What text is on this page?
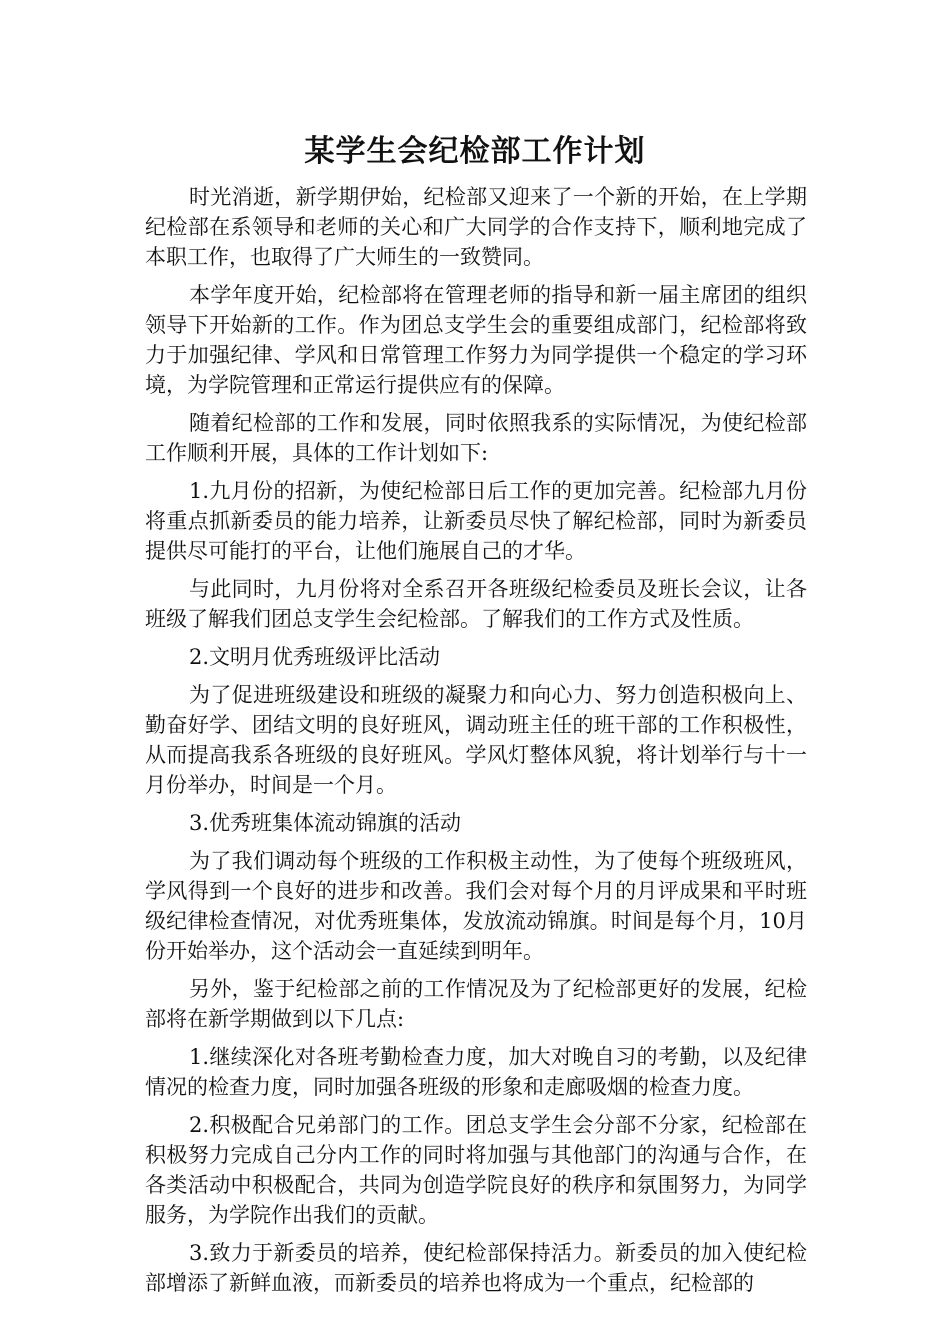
某学生会纪检部工作计划

时光消逝，新学期伊始，纪检部又迎来了一个新的开始，在上学期纪检部在系领导和老师的关心和广大同学的合作支持下，顺利地完成了本职工作，也取得了广大师生的一致赞同。

本学年度开始，纪检部将在管理老师的指导和新一届主席团的组织领导下开始新的工作。作为团总支学生会的重要组成部门，纪检部将致力于加强纪律、学风和日常管理工作努力为同学提供一个稳定的学习环境，为学院管理和正常运行提供应有的保障。

随着纪检部的工作和发展，同时依照我系的实际情况，为使纪检部工作顺利开展，具体的工作计划如下:

1.九月份的招新，为使纪检部日后工作的更加完善。纪检部九月份将重点抓新委员的能力培养，让新委员尽快了解纪检部，同时为新委员提供尽可能打的平台，让他们施展自己的才华。

与此同时，九月份将对全系召开各班级纪检委员及班长会议，让各班级了解我们团总支学生会纪检部。了解我们的工作方式及性质。

2.文明月优秀班级评比活动

为了促进班级建设和班级的凝聚力和向心力、努力创造积极向上、勤奋好学、团结文明的良好班风，调动班主任的班干部的工作积极性，从而提高我系各班级的良好班风。学风灯整体风貌，将计划举行与十一月份举办，时间是一个月。

3.优秀班集体流动锦旗的活动

为了我们调动每个班级的工作积极主动性，为了使每个班级班风，学风得到一个良好的进步和改善。我们会对每个月的月评成果和平时班级纪律检查情况，对优秀班集体，发放流动锦旗。时间是每个月，10月份开始举办，这个活动会一直延续到明年。

另外，鉴于纪检部之前的工作情况及为了纪检部更好的发展，纪检部将在新学期做到以下几点:

1.继续深化对各班考勤检查力度，加大对晚自习的考勤，以及纪律情况的检查力度，同时加强各班级的形象和走廊吸烟的检查力度。

2.积极配合兄弟部门的工作。团总支学生会分部不分家，纪检部在积极努力完成自己分内工作的同时将加强与其他部门的沟通与合作，在各类活动中积极配合，共同为创造学院良好的秩序和氛围努力，为同学服务，为学院作出我们的贡献。

3.致力于新委员的培养，使纪检部保持活力。新委员的加入使纪检部增添了新鲜血液，而新委员的培养也将成为一个重点，纪检部的
